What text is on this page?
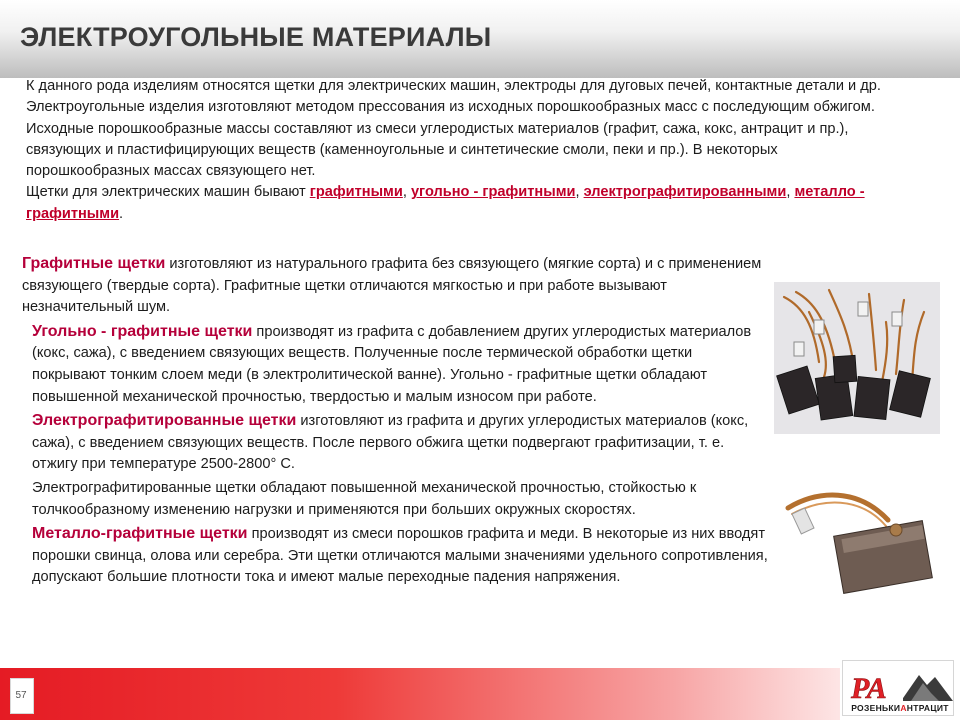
ЭЛЕКТРОУГОЛЬНЫЕ МАТЕРИАЛЫ

К данного рода изделиям относятся щетки для электрических машин, электроды для дуговых печей, контактные детали и др. Электроугольные изделия изготовляют методом прессования из исходных порошкообразных масс с последующим обжигом.

Исходные порошкообразные массы составляют из смеси углеродистых материалов (графит, сажа, кокс, антрацит и пр.), связующих и пластифицирующих веществ (каменноугольные и синтетические смоли, пеки и пр.). В некоторых порошкообразных массах связующего нет.

Щетки для электрических машин бывают графитными, угольно - графитными, электрографитированными, металло - графитными.

Графитные щетки изготовляют из натурального графита без связующего (мягкие сорта) и с применением связующего (твердые сорта). Графитные щетки отличаются мягкостью и при работе вызывают незначительный шум.

Угольно - графитные щетки производят из графита с добавлением других углеродистых материалов (кокс, сажа), с введением связующих веществ. Полученные после термической обработки щетки покрывают тонким слоем меди (в электролитической ванне). Угольно - графитные щетки обладают повышенной механической прочностью, твердостью и малым износом при работе.

Электрографитированные щетки изготовляют из графита и других углеродистых материалов (кокс, сажа), с введением связующих веществ. После первого обжига щетки подвергают графитизации, т. е. отжигу при температуре 2500-2800° С.

Электрографитированные щетки обладают повышенной механической прочностью, стойкостью к толчкообразному изменению нагрузки и применяются при больших окружных скоростях.

Металло-графитные щетки производят из смеси порошков графита и меди. В некоторые из них вводят порошки свинца, олова или серебра. Эти щетки отличаются малыми значениями удельного сопротивления, допускают большие плотности тока и имеют малые переходные падения напряжения.

57	РА
РОЗЕНЬКИАНТРАЦИТ
